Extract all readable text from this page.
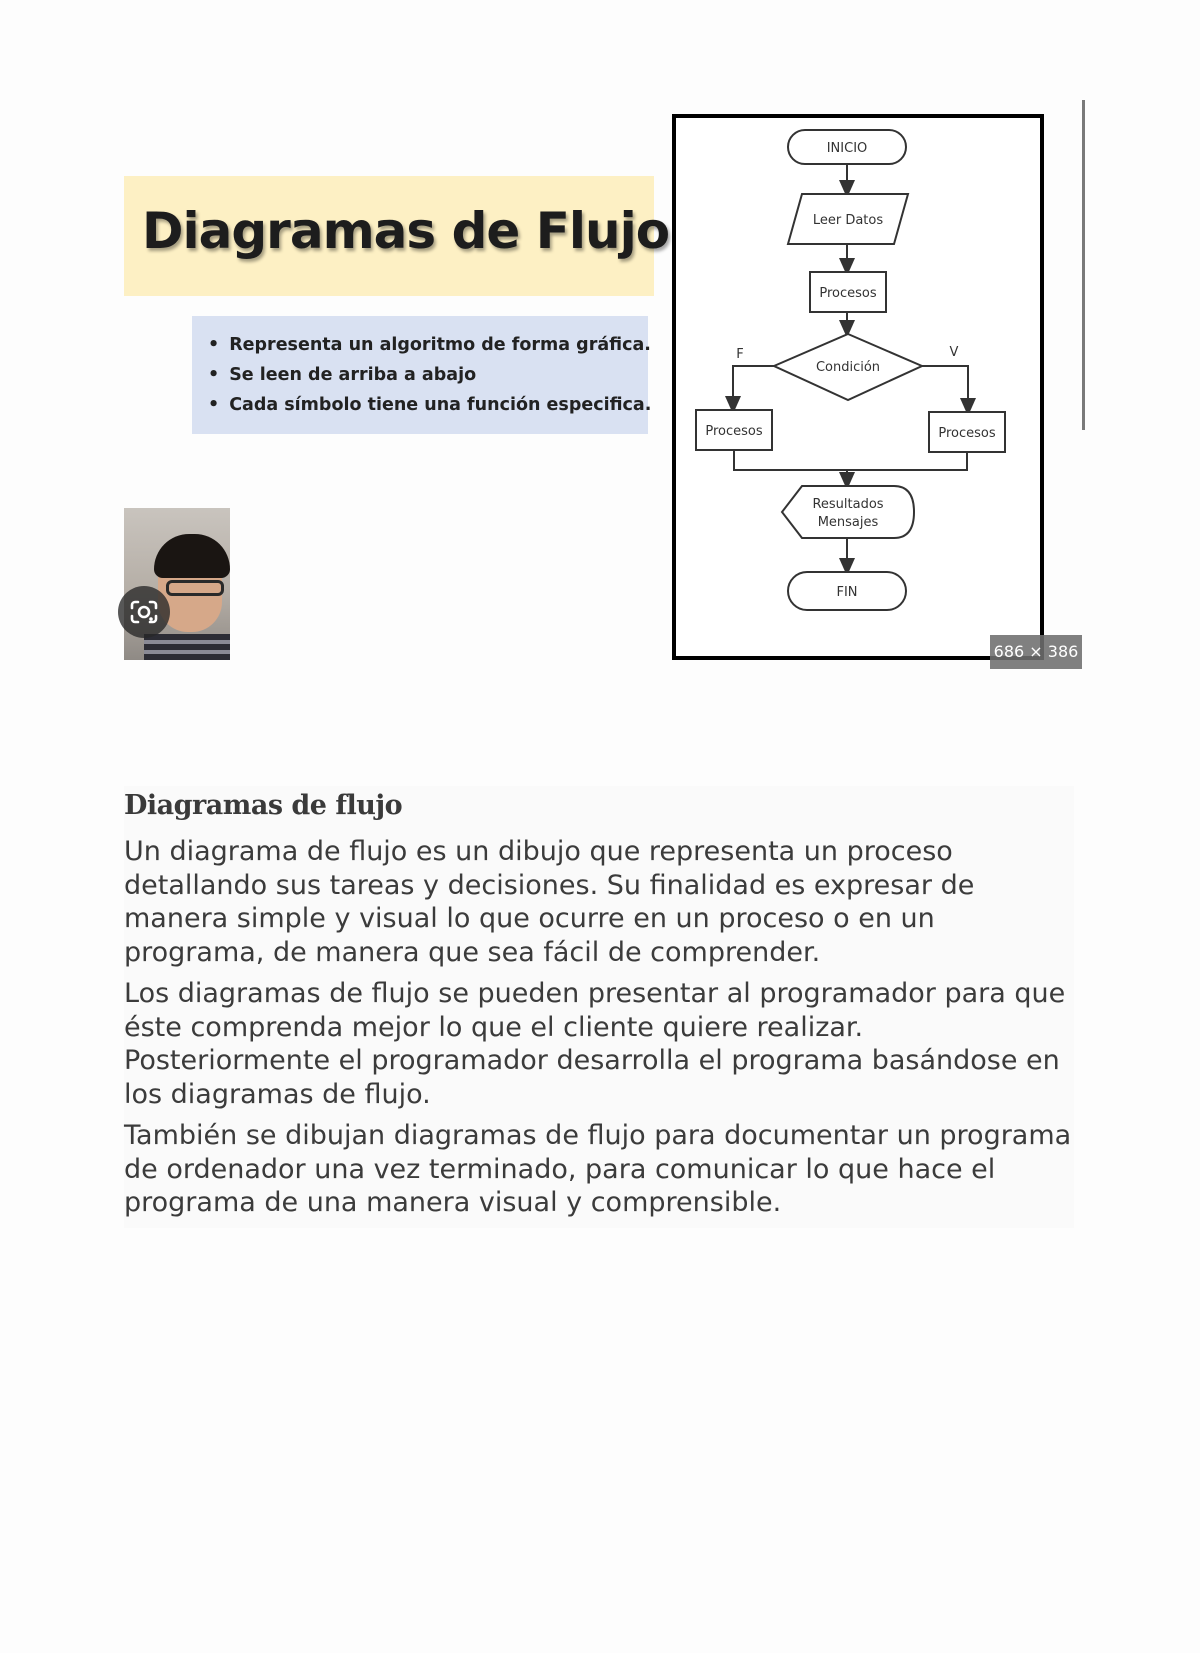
Diagramas de Flujo
• Representa un algoritmo de forma gráfica.
• Se leen de arriba a abajo
• Cada símbolo tiene una función especifica.
INICIO
Leer Datos
Procesos
Condición
F	V
Procesos	Procesos
Resultados
Mensajes
FIN
686 × 386
Diagramas de flujo

Un diagrama de flujo es un dibujo que representa un proceso detallando sus tareas y decisiones. Su finalidad es expresar de manera simple y visual lo que ocurre en un proceso o en un programa, de manera que sea fácil de comprender.

Los diagramas de flujo se pueden presentar al programador para que éste comprenda mejor lo que el cliente quiere realizar. Posteriormente el programador desarrolla el programa basándose en los diagramas de flujo.

También se dibujan diagramas de flujo para documentar un programa de ordenador una vez terminado, para comunicar lo que hace el programa de una manera visual y comprensible.
